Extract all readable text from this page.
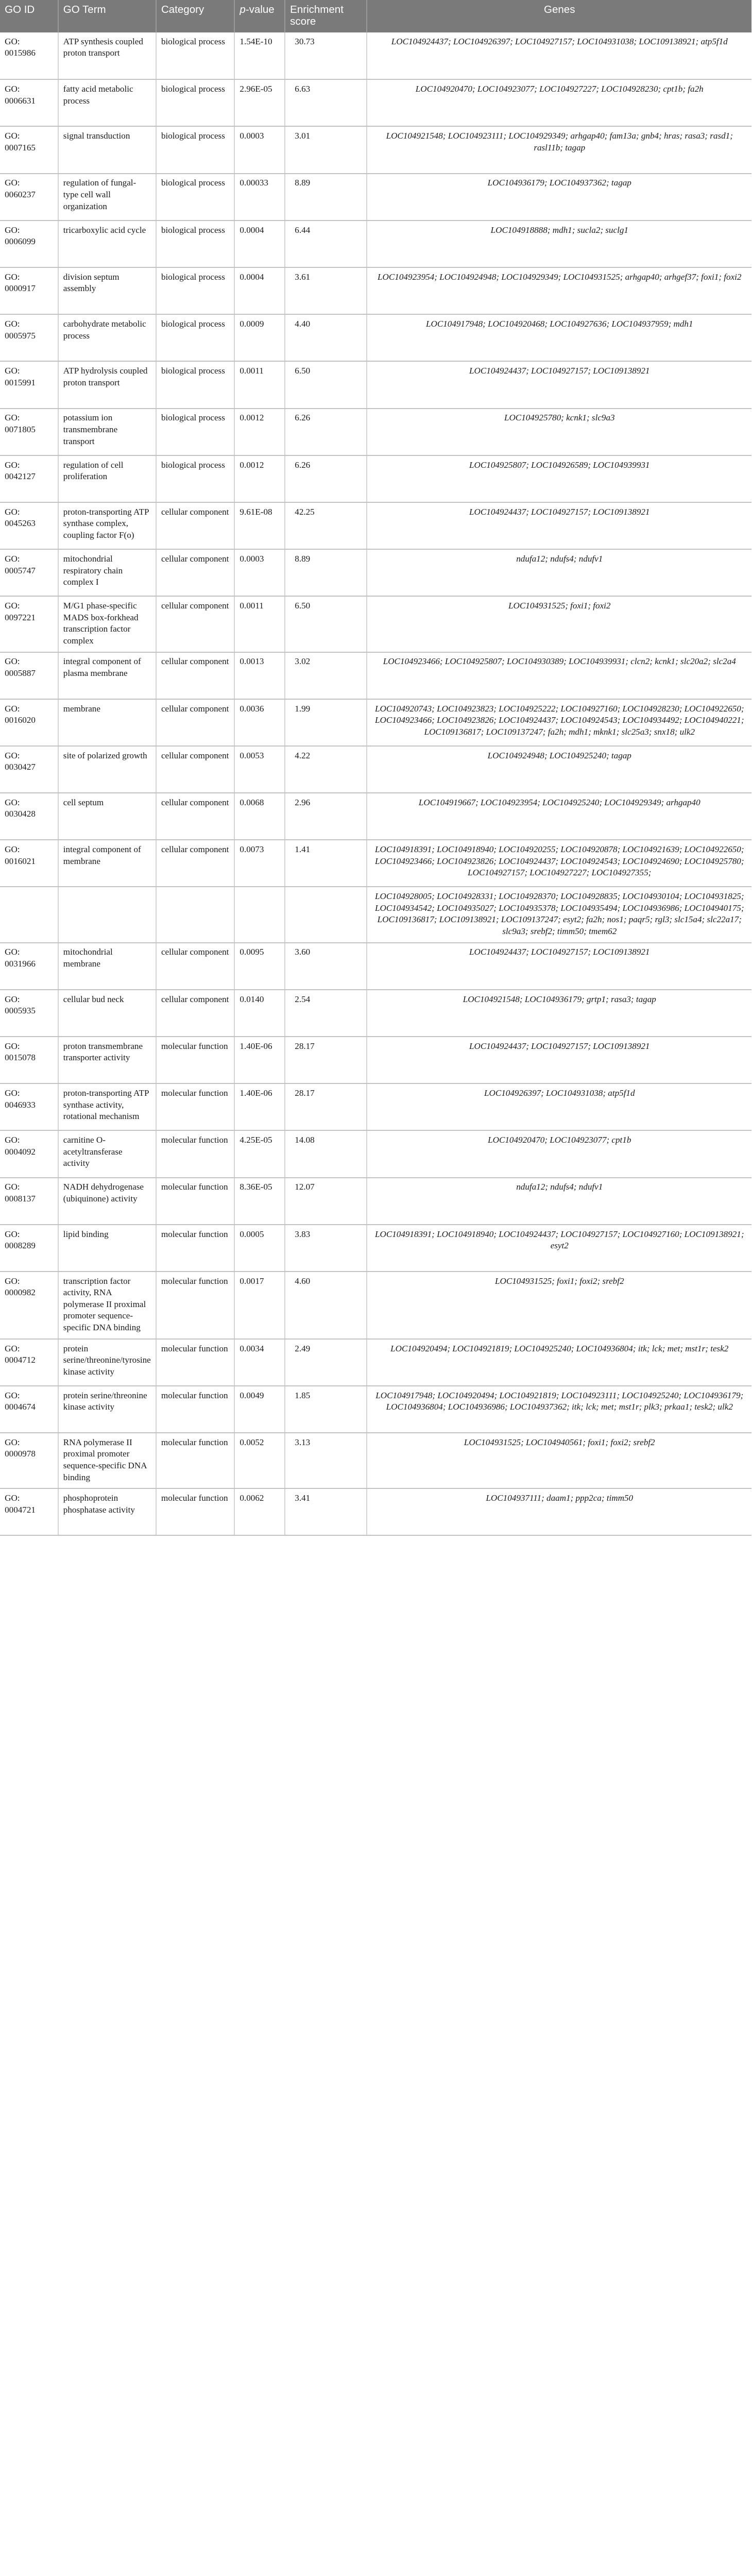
GO ID	GO Term	Category	p-value	Enrichment score	Genes
GO: 0015986	ATP synthesis coupled proton transport	biological process	1.54E-10	30.73	LOC104924437; LOC104926397; LOC104927157; LOC104931038; LOC109138921; atp5f1d
GO: 0006631	fatty acid metabolic process	biological process	2.96E-05	6.63	LOC104920470; LOC104923077; LOC104927227; LOC104928230; cpt1b; fa2h
GO: 0007165	signal transduction	biological process	0.0003	3.01	LOC104921548; LOC104923111; LOC104929349; arhgap40; fam13a; gnb4; hras; rasa3; rasd1; rasl11b; tagap
GO: 0060237	regulation of fungal-type cell wall organization	biological process	0.00033	8.89	LOC104936179; LOC104937362; tagap
GO: 0006099	tricarboxylic acid cycle	biological process	0.0004	6.44	LOC104918888; mdh1; sucla2; suclg1
GO: 0000917	division septum assembly	biological process	0.0004	3.61	LOC104923954; LOC104924948; LOC104929349; LOC104931525; arhgap40; arhgef37; foxi1; foxi2
GO: 0005975	carbohydrate metabolic process	biological process	0.0009	4.40	LOC104917948; LOC104920468; LOC104927636; LOC104937959; mdh1
GO: 0015991	ATP hydrolysis coupled proton transport	biological process	0.0011	6.50	LOC104924437; LOC104927157; LOC109138921
GO: 0071805	potassium ion transmembrane transport	biological process	0.0012	6.26	LOC104925780; kcnk1; slc9a3
GO: 0042127	regulation of cell proliferation	biological process	0.0012	6.26	LOC104925807; LOC104926589; LOC104939931
GO: 0045263	proton-transporting ATP synthase complex, coupling factor F(o)	cellular component	9.61E-08	42.25	LOC104924437; LOC104927157; LOC109138921
GO: 0005747	mitochondrial respiratory chain complex I	cellular component	0.0003	8.89	ndufa12; ndufs4; ndufv1
GO: 0097221	M/G1 phase-specific MADS box-forkhead transcription factor complex	cellular component	0.0011	6.50	LOC104931525; foxi1; foxi2
GO: 0005887	integral component of plasma membrane	cellular component	0.0013	3.02	LOC104923466; LOC104925807; LOC104930389; LOC104939931; clcn2; kcnk1; slc20a2; slc2a4
GO: 0016020	membrane	cellular component	0.0036	1.99	LOC104920743; LOC104923823; LOC104925222; LOC104927160; LOC104928230; LOC104922650; LOC104923466; LOC104923826; LOC104924437; LOC104924543; LOC104934492; LOC104940221; LOC109136817; LOC109137247; fa2h; mdh1; mknk1; slc25a3; snx18; ulk2
GO: 0030427	site of polarized growth	cellular component	0.0053	4.22	LOC104924948; LOC104925240; tagap
GO: 0030428	cell septum	cellular component	0.0068	2.96	LOC104919667; LOC104923954; LOC104925240; LOC104929349; arhgap40
GO: 0016021	integral component of membrane	cellular component	0.0073	1.41	LOC104918391; LOC104918940; LOC104920255; LOC104920878; LOC104921639; LOC104922650; LOC104923466; LOC104923826; LOC104924437; LOC104924543; LOC104924690; LOC104925780; LOC104927157; LOC104927227; LOC104927355;
					LOC104928005; LOC104928331; LOC104928370; LOC104928835; LOC104930104; LOC104931825; LOC104934542; LOC104935027; LOC104935378; LOC104935494; LOC104936986; LOC104940175; LOC109136817; LOC109138921; LOC109137247; esyt2; fa2h; nos1; paqr5; rgl3; slc15a4; slc22a17; slc9a3; srebf2; timm50; tmem62
GO: 0031966	mitochondrial membrane	cellular component	0.0095	3.60	LOC104924437; LOC104927157; LOC109138921
GO: 0005935	cellular bud neck	cellular component	0.0140	2.54	LOC104921548; LOC104936179; grtp1; rasa3; tagap
GO: 0015078	proton transmembrane transporter activity	molecular function	1.40E-06	28.17	LOC104924437; LOC104927157; LOC109138921
GO: 0046933	proton-transporting ATP synthase activity, rotational mechanism	molecular function	1.40E-06	28.17	LOC104926397; LOC104931038; atp5f1d
GO: 0004092	carnitine O-acetyltransferase activity	molecular function	4.25E-05	14.08	LOC104920470; LOC104923077; cpt1b
GO: 0008137	NADH dehydrogenase (ubiquinone) activity	molecular function	8.36E-05	12.07	ndufa12; ndufs4; ndufv1
GO: 0008289	lipid binding	molecular function	0.0005	3.83	LOC104918391; LOC104918940; LOC104924437; LOC104927157; LOC104927160; LOC109138921; esyt2
GO: 0000982	transcription factor activity, RNA polymerase II proximal promoter sequence-specific DNA binding	molecular function	0.0017	4.60	LOC104931525; foxi1; foxi2; srebf2
GO: 0004712	protein serine/threonine/tyrosine kinase activity	molecular function	0.0034	2.49	LOC104920494; LOC104921819; LOC104925240; LOC104936804; itk; lck; met; mst1r; tesk2
GO: 0004674	protein serine/threonine kinase activity	molecular function	0.0049	1.85	LOC104917948; LOC104920494; LOC104921819; LOC104923111; LOC104925240; LOC104936179; LOC104936804; LOC104936986; LOC104937362; itk; lck; met; mst1r; plk3; prkaa1; tesk2; ulk2
GO: 0000978	RNA polymerase II proximal promoter sequence-specific DNA binding	molecular function	0.0052	3.13	LOC104931525; LOC104940561; foxi1; foxi2; srebf2
GO: 0004721	phosphoprotein phosphatase activity	molecular function	0.0062	3.41	LOC104937111; daam1; ppp2ca; timm50
